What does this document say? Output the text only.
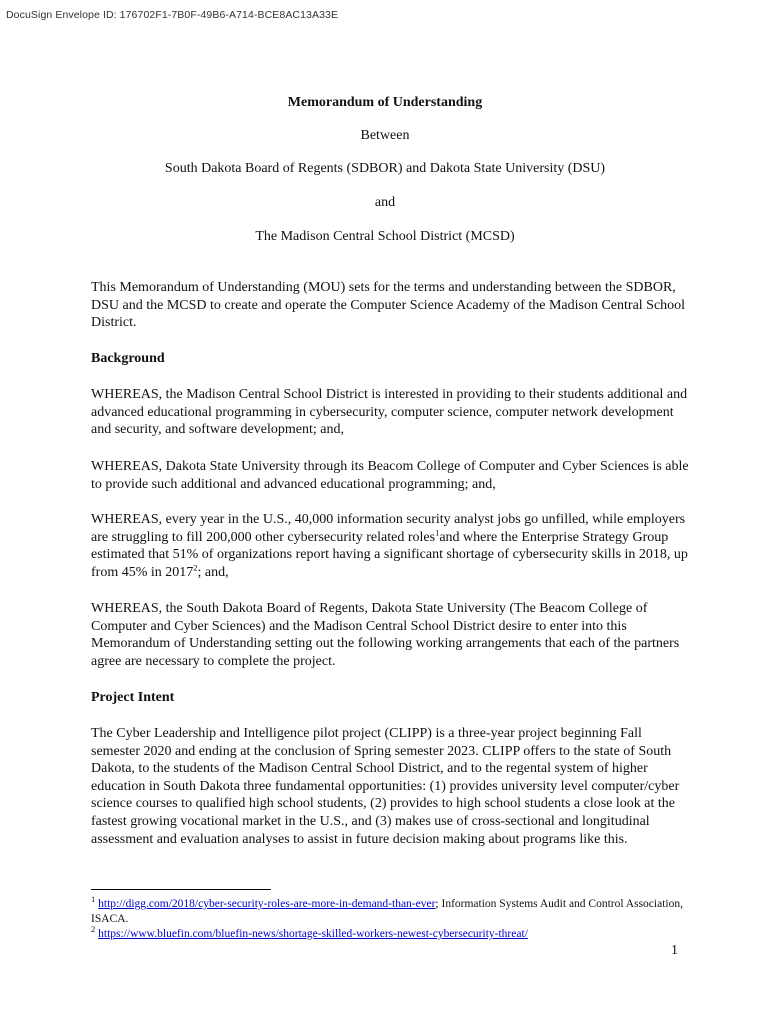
DocuSign Envelope ID: 176702F1-7B0F-49B6-A714-BCE8AC13A33E
Memorandum of Understanding
Between
South Dakota Board of Regents (SDBOR) and Dakota State University (DSU)
and
The Madison Central School District (MCSD)

This Memorandum of Understanding (MOU) sets for the terms and understanding between the SDBOR, DSU and the MCSD to create and operate the Computer Science Academy of the Madison Central School District.

Background

WHEREAS, the Madison Central School District is interested in providing to their students additional and advanced educational programming in cybersecurity, computer science, computer network development and security, and software development; and,

WHEREAS, Dakota State University through its Beacom College of Computer and Cyber Sciences is able to provide such additional and advanced educational programming; and,

WHEREAS, every year in the U.S., 40,000 information security analyst jobs go unfilled, while employers are struggling to fill 200,000 other cybersecurity related roles$^1$and where the Enterprise Strategy Group estimated that 51% of organizations report having a significant shortage of cybersecurity skills in 2018, up from 45% in 2017$^2$; and,

WHEREAS, the South Dakota Board of Regents, Dakota State University (The Beacom College of Computer and Cyber Sciences) and the Madison Central School District desire to enter into this Memorandum of Understanding setting out the following working arrangements that each of the partners agree are necessary to complete the project.

Project Intent

The Cyber Leadership and Intelligence pilot project (CLIPP) is a three-year project beginning Fall semester 2020 and ending at the conclusion of Spring semester 2023. CLIPP offers to the state of South Dakota, to the students of the Madison Central School District, and to the regental system of higher education in South Dakota three fundamental opportunities: (1) provides university level computer/cyber science courses to qualified high school students, (2) provides to high school students a close look at the fastest growing vocational market in the U.S., and (3) makes use of cross-sectional and longitudinal assessment and evaluation analyses to assist in future decision making about programs like this.

$^1$ http://digg.com/2018/cyber-security-roles-are-more-in-demand-than-ever; Information Systems Audit and Control Association, ISACA.
$^2$ https://www.bluefin.com/bluefin-news/shortage-skilled-workers-newest-cybersecurity-threat/
1
